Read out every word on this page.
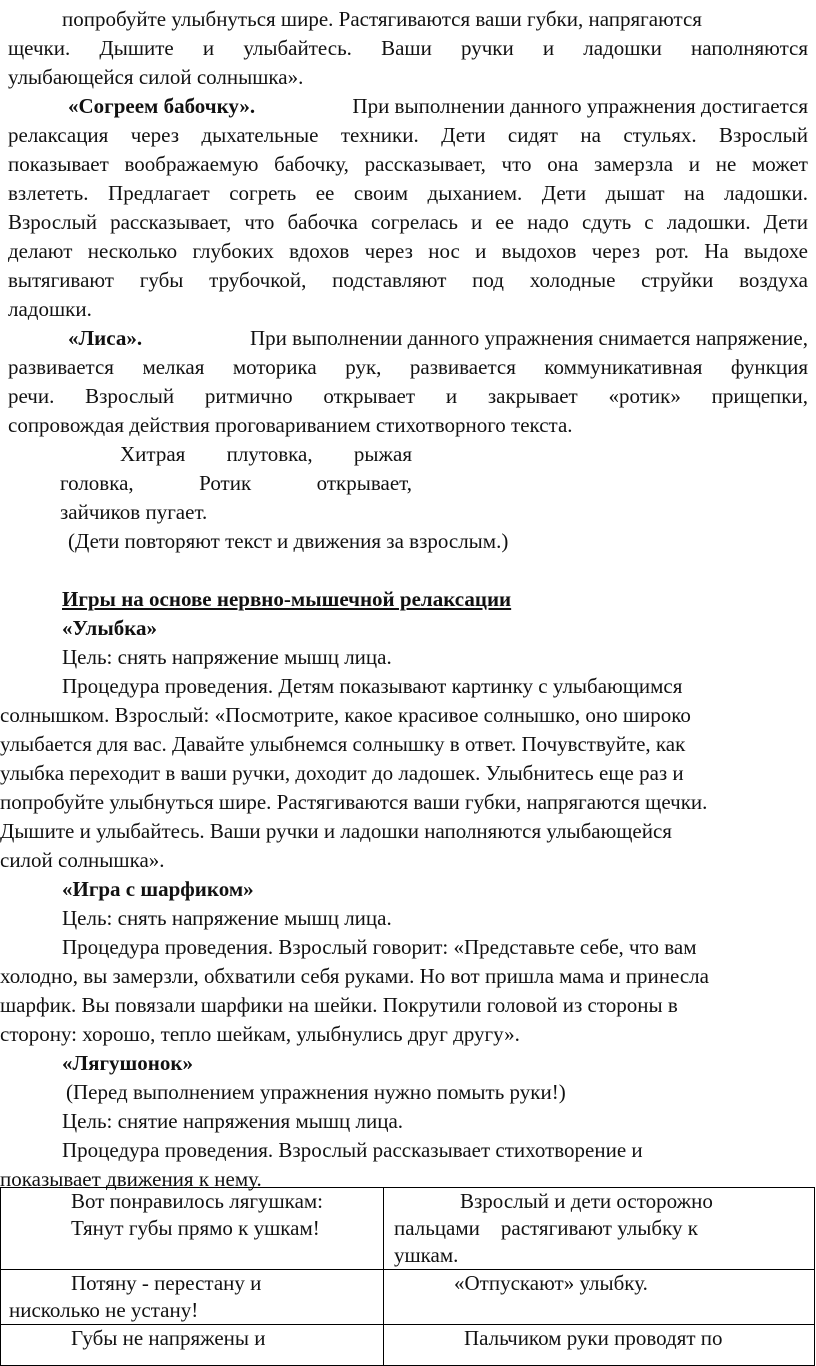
попробуйте улыбнуться шире. Растягиваются ваши губки, напрягаются
щечки. Дышите и улыбайтесь. Ваши ручки и ладошки наполняются
улыбающейся силой солнышка».
«Согреем бабочку».	При выполнении данного упражнения достигается
релаксация через дыхательные техники. Дети сидят на стульях. Взрослый
показывает воображаемую бабочку, рассказывает, что она замерзла и не может
взлететь. Предлагает согреть ее своим дыханием. Дети дышат на ладошки.
Взрослый рассказывает, что бабочка согрелась и ее надо сдуть с ладошки. Дети
делают несколько глубоких вдохов через нос и выдохов через рот. На выдохе
вытягивают губы трубочкой, подставляют под холодные струйки воздуха
ладошки.
«Лиса».	При выполнении данного упражнения снимается напряжение,
развивается мелкая моторика рук, развивается коммуникативная функция
речи. Взрослый ритмично открывает и закрывает «ротик» прищепки,
сопровождая действия проговариванием стихотворного текста.
Хитрая плутовка, рыжая
головка, Ротик открывает,
зайчиков пугает.
(Дети повторяют текст и движения за взрослым.)
Игры на основе нервно-мышечной релаксации
«Улыбка»
Цель: снять напряжение мышц лица.
Процедура проведения. Детям показывают картинку с улыбающимся
солнышком. Взрослый: «Посмотрите, какое красивое солнышко, оно широко
улыбается для вас. Давайте улыбнемся солнышку в ответ. Почувствуйте, как
улыбка переходит в ваши ручки, доходит до ладошек. Улыбнитесь еще раз и
попробуйте улыбнуться шире. Растягиваются ваши губки, напрягаются щечки.
Дышите и улыбайтесь. Ваши ручки и ладошки наполняются улыбающейся
силой солнышка».
«Игра с шарфиком»
Цель: снять напряжение мышц лица.
Процедура проведения. Взрослый говорит: «Представьте себе, что вам
холодно, вы замерзли, обхватили себя руками. Но вот пришла мама и принесла
шарфик. Вы повязали шарфики на шейки. Покрутили головой из стороны в
сторону: хорошо, тепло шейкам, улыбнулись друг другу».
«Лягушонок»
(Перед выполнением упражнения нужно помыть руки!)
Цель: снятие напряжения мышц лица.
Процедура проведения. Взрослый рассказывает стихотворение и
показывает движения к нему.
Вот понравилось лягушкам:
Тянут губы прямо к ушкам!	Взрослый и дети осторожно
пальцами    растягивают улыбку к
ушкам.

Потяну - перестану и
нисколько не устану!	«Отпускают» улыбку.

Губы не напряжены и	Пальчиком руки проводят по
